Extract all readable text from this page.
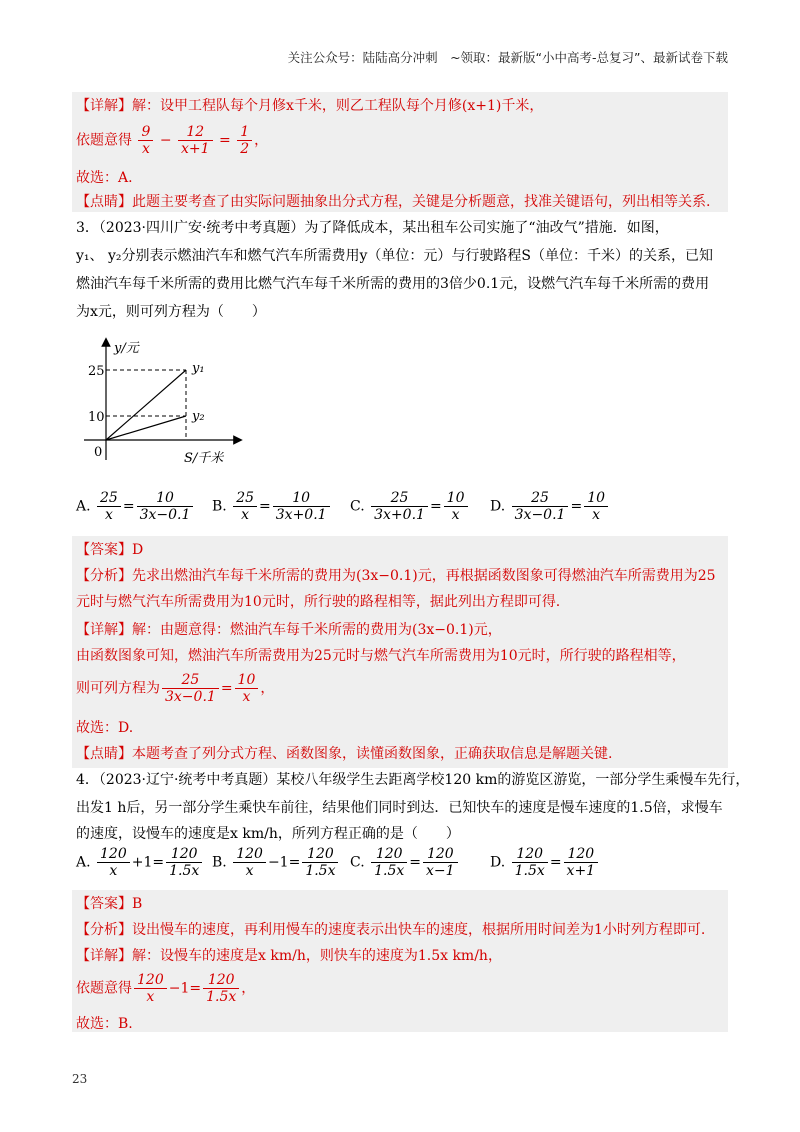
关注公众号：陆陆高分冲刺　~领取：最新版“小中高考-总复习”、最新试卷下载
【详解】解：设甲工程队每个月修x千米，则乙工程队每个月修(x+1)千米，
依题意得 $\frac{9}{x} - \frac{12}{x+1} = \frac{1}{2}$ ，
故选：A.
【点睛】此题主要考查了由实际问题抽象出分式方程，关键是分析题意，找准关键语句，列出相等关系.
3．（2023·四川广安·统考中考真题）为了降低成本，某出租车公司实施了“油改气”措施．如图，
y₁、 y₂分别表示燃油汽车和燃气汽车所需费用y（单位：元）与行驶路程S（单位：千米）的关系，已知
燃油汽车每千米所需的费用比燃气汽车每千米所需的费用的3倍少0.1元，设燃气汽车每千米所需的费用
为x元，则可列方程为（　　）
y/元
S/千米
25
10
0
y₁
y₂
A. $\frac{25}{x} = \frac{10}{3x-0.1} B$. $\frac{25}{x} = \frac{10}{3x+0.1} C$. $\frac{25}{3x+0.1} = \frac{10}{x} D$. $\frac{25}{3x-0.1} = \frac{10}{x}$
【答案】D
【分析】先求出燃油汽车每千米所需的费用为(3x−0.1)元，再根据函数图象可得燃油汽车所需费用为25
元时与燃气汽车所需费用为10元时，所行驶的路程相等，据此列出方程即可得.
【详解】解：由题意得：燃油汽车每千米所需的费用为(3x−0.1)元，
由函数图象可知，燃油汽车所需费用为25元时与燃气汽车所需费用为10元时，所行驶的路程相等，
则可列方程为 $\frac{25}{3x-0.1} = \frac{10}{x}$ ，
故选：D.
【点睛】本题考查了列分式方程、函数图象，读懂函数图象，正确获取信息是解题关键.
4．（2023·辽宁·统考中考真题）某校八年级学生去距离学校120 km的游览区游览，一部分学生乘慢车先行，
出发1 h后，另一部分学生乘快车前往，结果他们同时到达．已知快车的速度是慢车速度的1.5倍，求慢车
的速度，设慢车的速度是x km/h，所列方程正确的是（　　）
A. $\frac{120}{x} +1= \frac{120}{1.5x} B$. $\frac{120}{x} -1= \frac{120}{1.5x} C$. $\frac{120}{1.5x} = \frac{120}{x-1} D$. $\frac{120}{1.5x} = \frac{120}{x+1}$
【答案】B
【分析】设出慢车的速度，再利用慢车的速度表示出快车的速度，根据所用时间差为1小时列方程即可.
【详解】解：设慢车的速度是x km/h，则快车的速度为1.5x km/h，
依题意得 $\frac{120}{x} -1= \frac{120}{1.5x}$ ，
故选：B.
23
